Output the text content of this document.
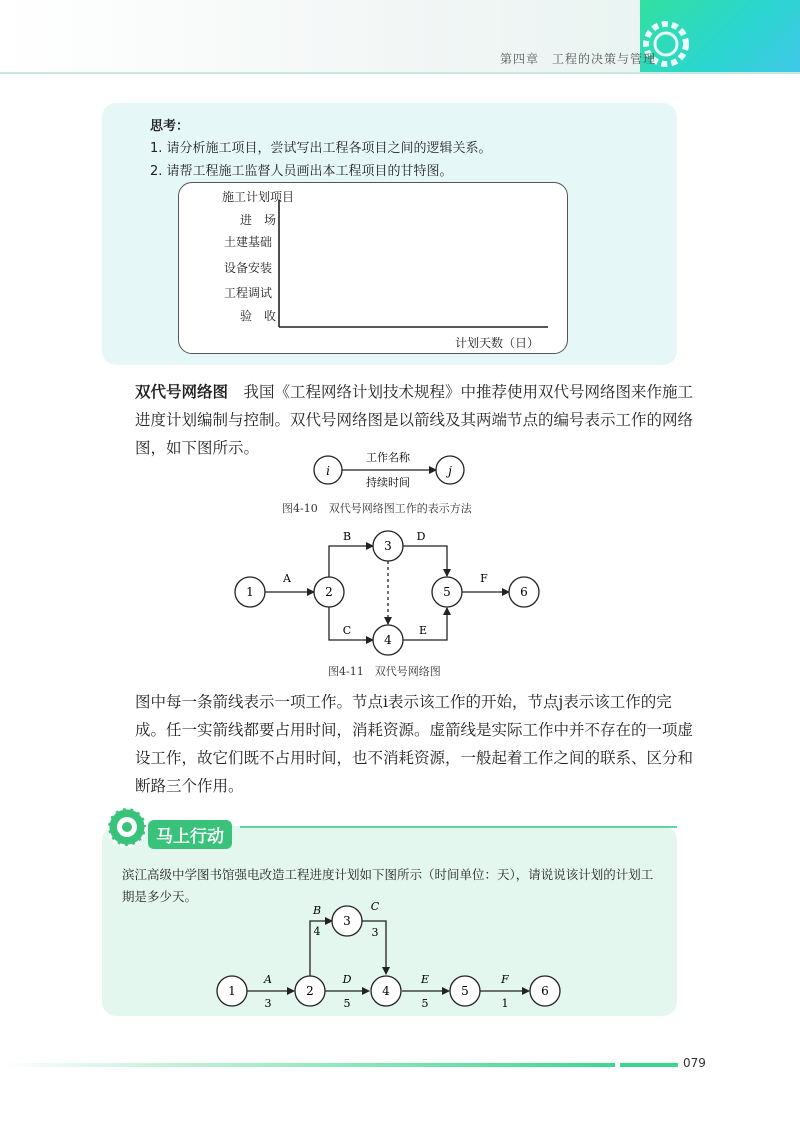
第四章　工程的决策与管理
思考：
1. 请分析施工项目，尝试写出工程各项目之间的逻辑关系。
2. 请帮工程施工监督人员画出本工程项目的甘特图。
施工计划项目
进　场
土建基础
设备安装
工程调试
验　收
计划天数（日）
双代号网络图　我国《工程网络计划技术规程》中推荐使用双代号网络图来作施工进度计划编制与控制。双代号网络图是以箭线及其两端节点的编号表示工作的网络图，如下图所示。
i	j
工作名称
持续时间
图4-10　双代号网络图工作的表示方法
1	2
3
4
5	6
A
B	D
C	E
F
图4-11　双代号网络图
图中每一条箭线表示一项工作。节点i表示该工作的开始，节点j表示该工作的完成。任一实箭线都要占用时间，消耗资源。虚箭线是实际工作中并不存在的一项虚设工作，故它们既不占用时间，也不消耗资源，一般起着工作之间的联系、区分和断路三个作用。
马上行动
滨江高级中学图书馆强电改造工程进度计划如下图所示（时间单位：天），请说说该计划的计划工期是多少天。
1	2
3
4	5	6
A
3
B
4
C
3
D
5
E
5
F
1
079
